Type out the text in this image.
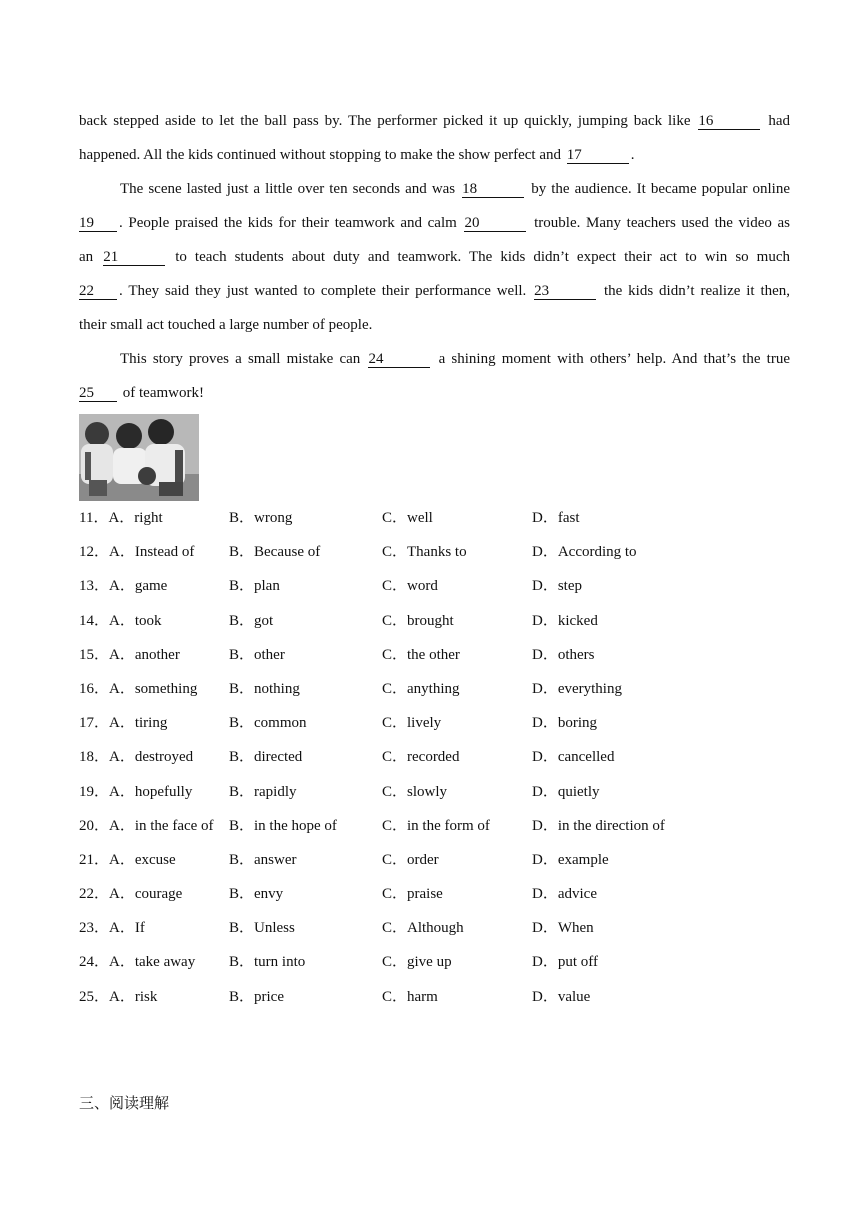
back stepped aside to let the ball pass by. The performer picked it up quickly, jumping back like 16	had
happened. All the kids continued without stopping to make the show perfect and 17	.
The scene lasted just a little over ten seconds and was 18	by the audience. It became popular online
19 . People praised the kids for their teamwork and calm 20	trouble. Many teachers used the video as
an 21	to teach students about duty and teamwork. The kids didn’t expect their act to win so much
22 . They said they just wanted to complete their performance well. 23	the kids didn’t realize it then,
their small act touched a large number of people.
This story proves a small mistake can 24	a shining moment with others’ help. And that’s the true
25 of teamwork!
11．A．right	B．wrong	C．well	D．fast
12．A．Instead of B．Because of	C．Thanks to	D．According to
13．A．game	B．plan	C．word	D．step
14．A．took	B．got	C．brought	D．kicked
15．A．another	B．other	C．the other	D．others
16．A．something B．nothing	C．anything	D．everything
17．A．tiring	B．common	C．lively	D．boring
18．A．destroyed B．directed	C．recorded	D．cancelled
19．A．hopefully B．rapidly	C．slowly	D．quietly
20．A．in the face of B．in the hope of	C．in the form of	D．in the direction of
21．A．excuse	B．answer	C．order	D．example
22．A．courage	B．envy	C．praise	D．advice
23．A．If	B．Unless	C．Although	D．When
24．A．take away B．turn into	C．give up	D．put off
25．A．risk	B．price	C．harm	D．value
三、阅读理解
